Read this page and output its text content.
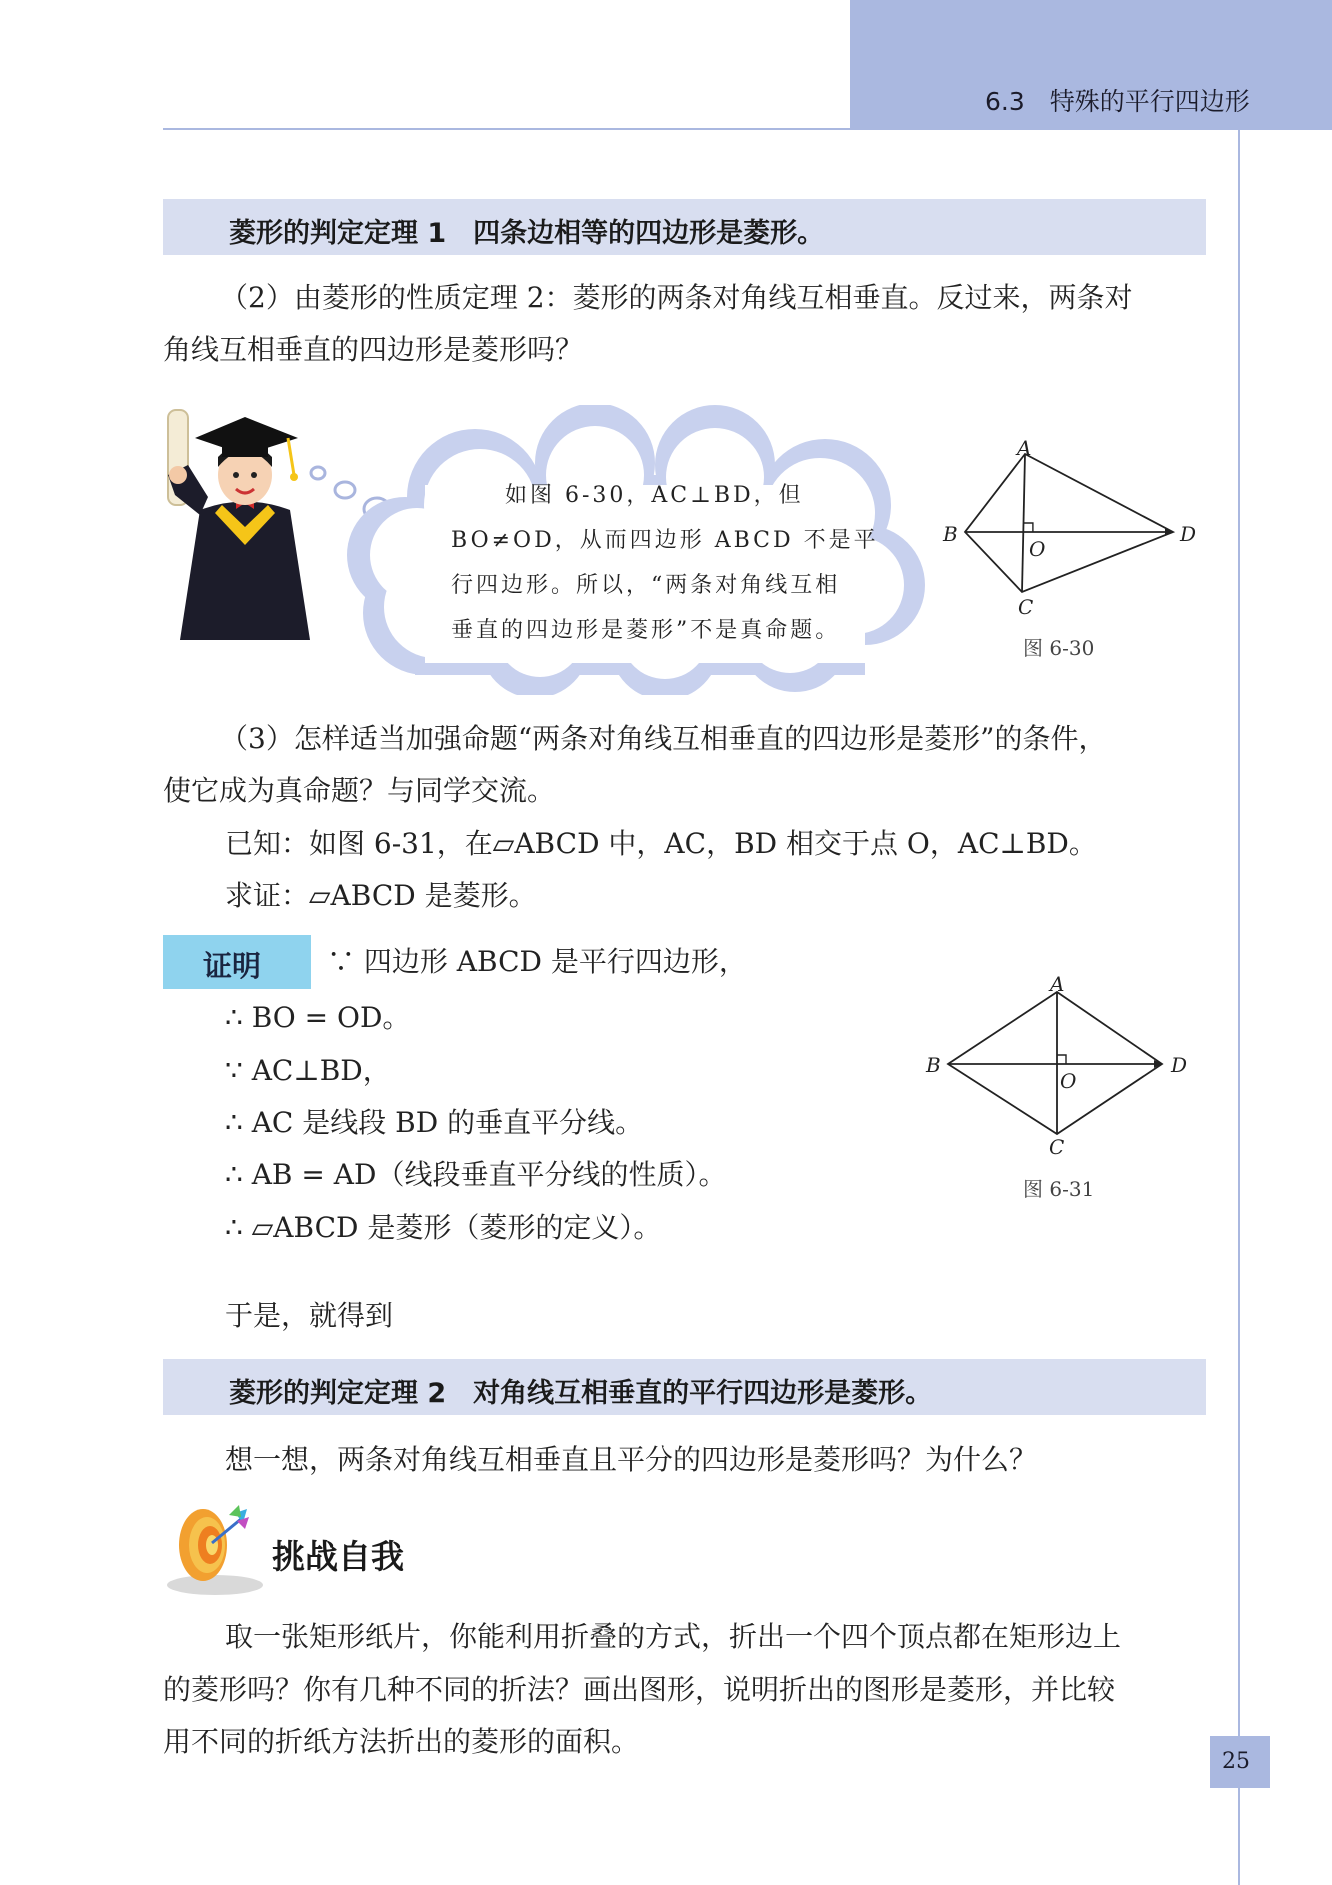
6.3　特殊的平行四边形
菱形的判定定理 1　四条边相等的四边形是菱形。
（2）由菱形的性质定理 2：菱形的两条对角线互相垂直。反过来，两条对
角线互相垂直的四边形是菱形吗？
如图 6-30，AC⊥BD，但
BO≠OD，从而四边形 ABCD 不是平
行四边形。所以，“两条对角线互相
垂直的四边形是菱形”不是真命题。
A
B
O
D
C
图 6-30
（3）怎样适当加强命题“两条对角线互相垂直的四边形是菱形”的条件，
使它成为真命题？与同学交流。
已知：如图 6-31，在▱ABCD 中，AC，BD 相交于点 O，AC⊥BD。
求证：▱ABCD 是菱形。
证明 ∵ 四边形 ABCD 是平行四边形，
∴ BO = OD。
∵ AC⊥BD，
∴ AC 是线段 BD 的垂直平分线。
∴ AB = AD（线段垂直平分线的性质）。
∴ ▱ABCD 是菱形（菱形的定义）。
A
B
O
D
C
图 6-31
于是，就得到
菱形的判定定理 2　对角线互相垂直的平行四边形是菱形。
想一想，两条对角线互相垂直且平分的四边形是菱形吗？为什么？
挑战自我
取一张矩形纸片，你能利用折叠的方式，折出一个四个顶点都在矩形边上
的菱形吗？你有几种不同的折法？画出图形，说明折出的图形是菱形，并比较
用不同的折纸方法折出的菱形的面积。
25
